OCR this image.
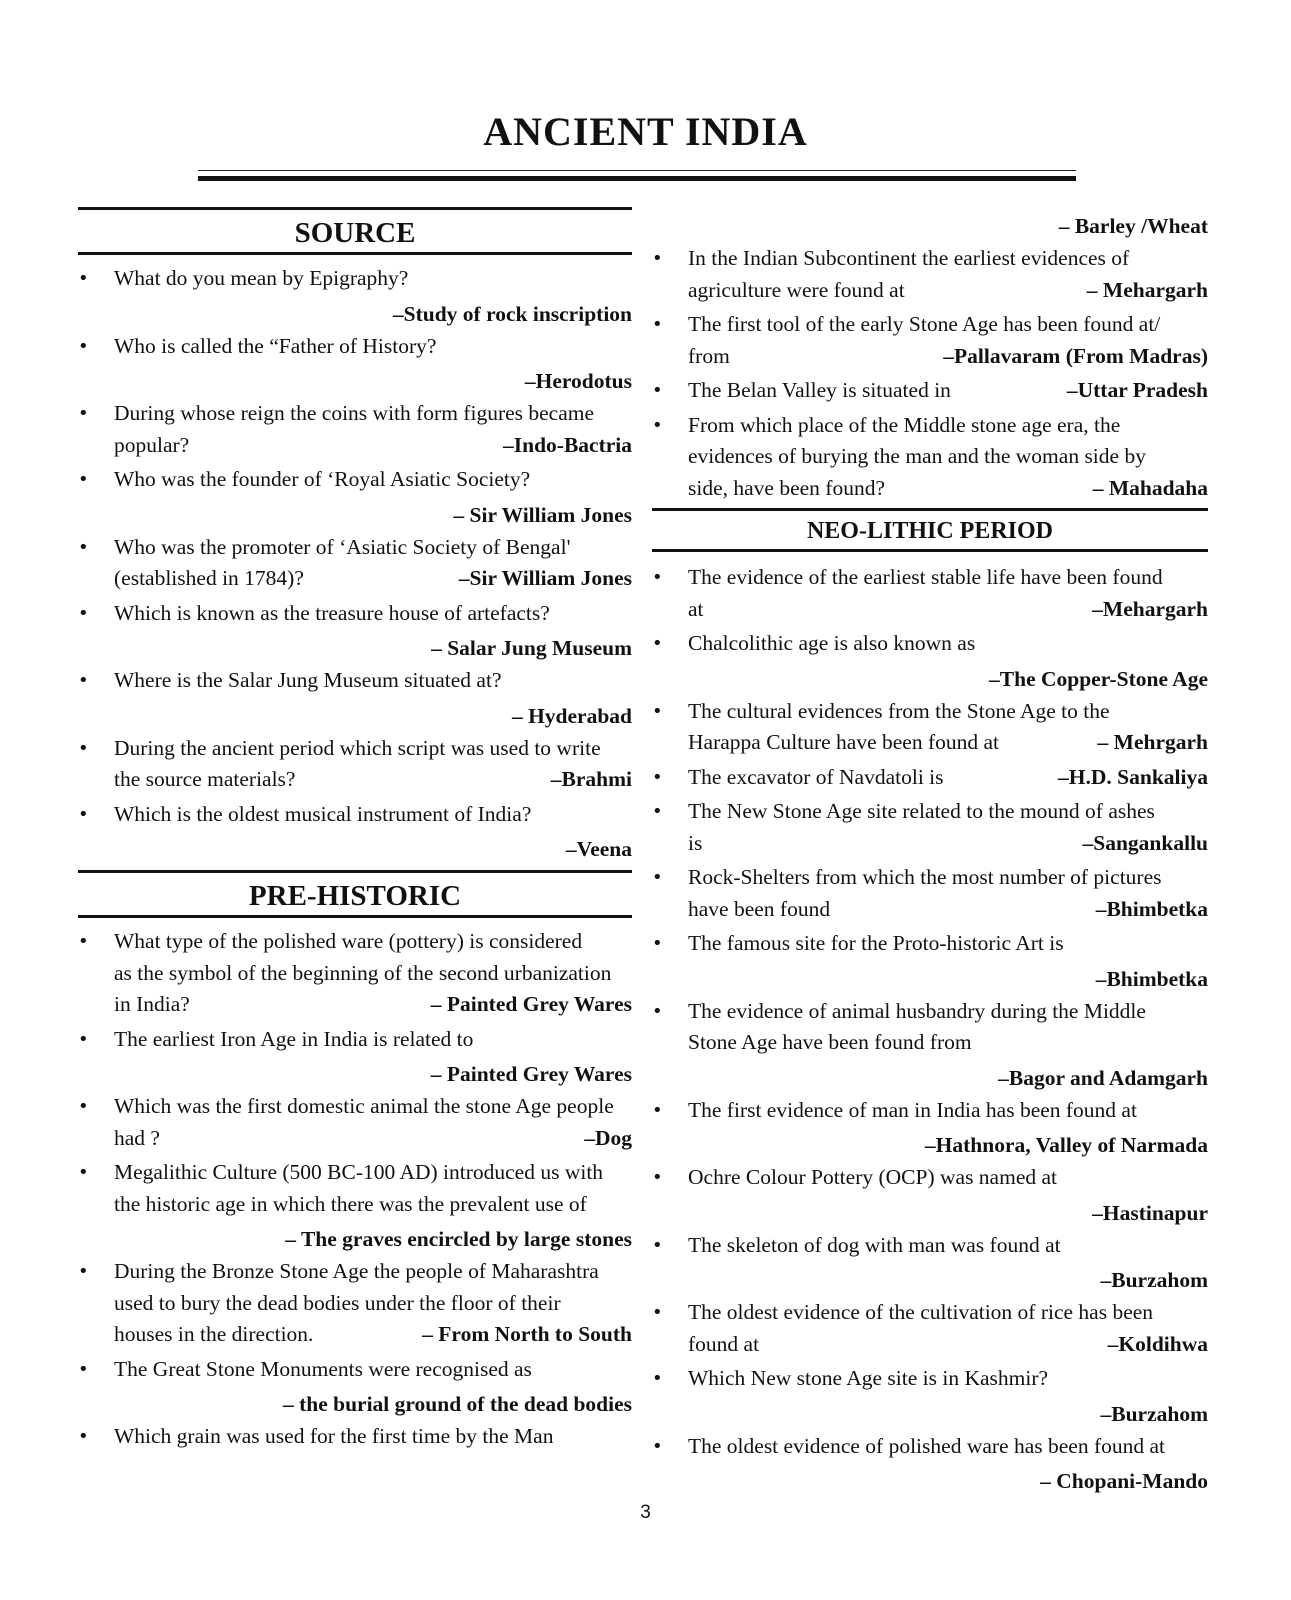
ANCIENT INDIA
SOURCE
• What do you mean by Epigraphy?
–Study of rock inscription
• Who is called the “Father of History?
–Herodotus
• During whose reign the coins with form figures became
popular?	–Indo-Bactria
• Who was the founder of ‘Royal Asiatic Society?
– Sir William Jones
• Who was the promoter of ‘Asiatic Society of Bengal'
(established in 1784)?	–Sir William Jones
• Which is known as the treasure house of artefacts?
– Salar Jung Museum
• Where is the Salar Jung Museum situated at?
– Hyderabad
• During the ancient period which script was used to write
the source materials?	–Brahmi
• Which is the oldest musical instrument of India?
–Veena
PRE-HISTORIC
• What type of the polished ware (pottery) is considered
as the symbol of the beginning of the second urbanization
in India?	– Painted Grey Wares
• The earliest Iron Age in India is related to
– Painted Grey Wares
• Which was the first domestic animal the stone Age people
had ?	–Dog
• Megalithic Culture (500 BC-100 AD) introduced us with
the historic age in which there was the prevalent use of
– The graves encircled by large stones
• During the Bronze Stone Age the people of Maharashtra
used to bury the dead bodies under the floor of their
houses in the direction.	– From North to South
• The Great Stone Monuments were recognised as
– the burial ground of the dead bodies
• Which grain was used for the first time by the Man
– Barley /Wheat
• In the Indian Subcontinent the earliest evidences of
agriculture were found at	– Mehargarh
• The first tool of the early Stone Age has been found at/
from	–Pallavaram (From Madras)
• The Belan Valley is situated in	–Uttar Pradesh
• From which place of the Middle stone age era, the
evidences of burying the man and the woman side by
side, have been found?	– Mahadaha
NEO-LITHIC PERIOD
• The evidence of the earliest stable life have been found
at	–Mehargarh
• Chalcolithic age is also known as
–The Copper-Stone Age
• The cultural evidences from the Stone Age to the
Harappa Culture have been found at	– Mehrgarh
• The excavator of Navdatoli is	–H.D. Sankaliya
• The New Stone Age site related to the mound of ashes
is	–Sangankallu
• Rock-Shelters from which the most number of pictures
have been found	–Bhimbetka
• The famous site for the Proto-historic Art is
–Bhimbetka
• The evidence of animal husbandry during the Middle
Stone Age have been found from
–Bagor and Adamgarh
• The first evidence of man in India has been found at
–Hathnora, Valley of Narmada
• Ochre Colour Pottery (OCP) was named at
–Hastinapur
• The skeleton of dog with man was found at
–Burzahom
• The oldest evidence of the cultivation of rice has been
found at	–Koldihwa
• Which New stone Age site is in Kashmir?
–Burzahom
• The oldest evidence of polished ware has been found at
– Chopani-Mando
3
